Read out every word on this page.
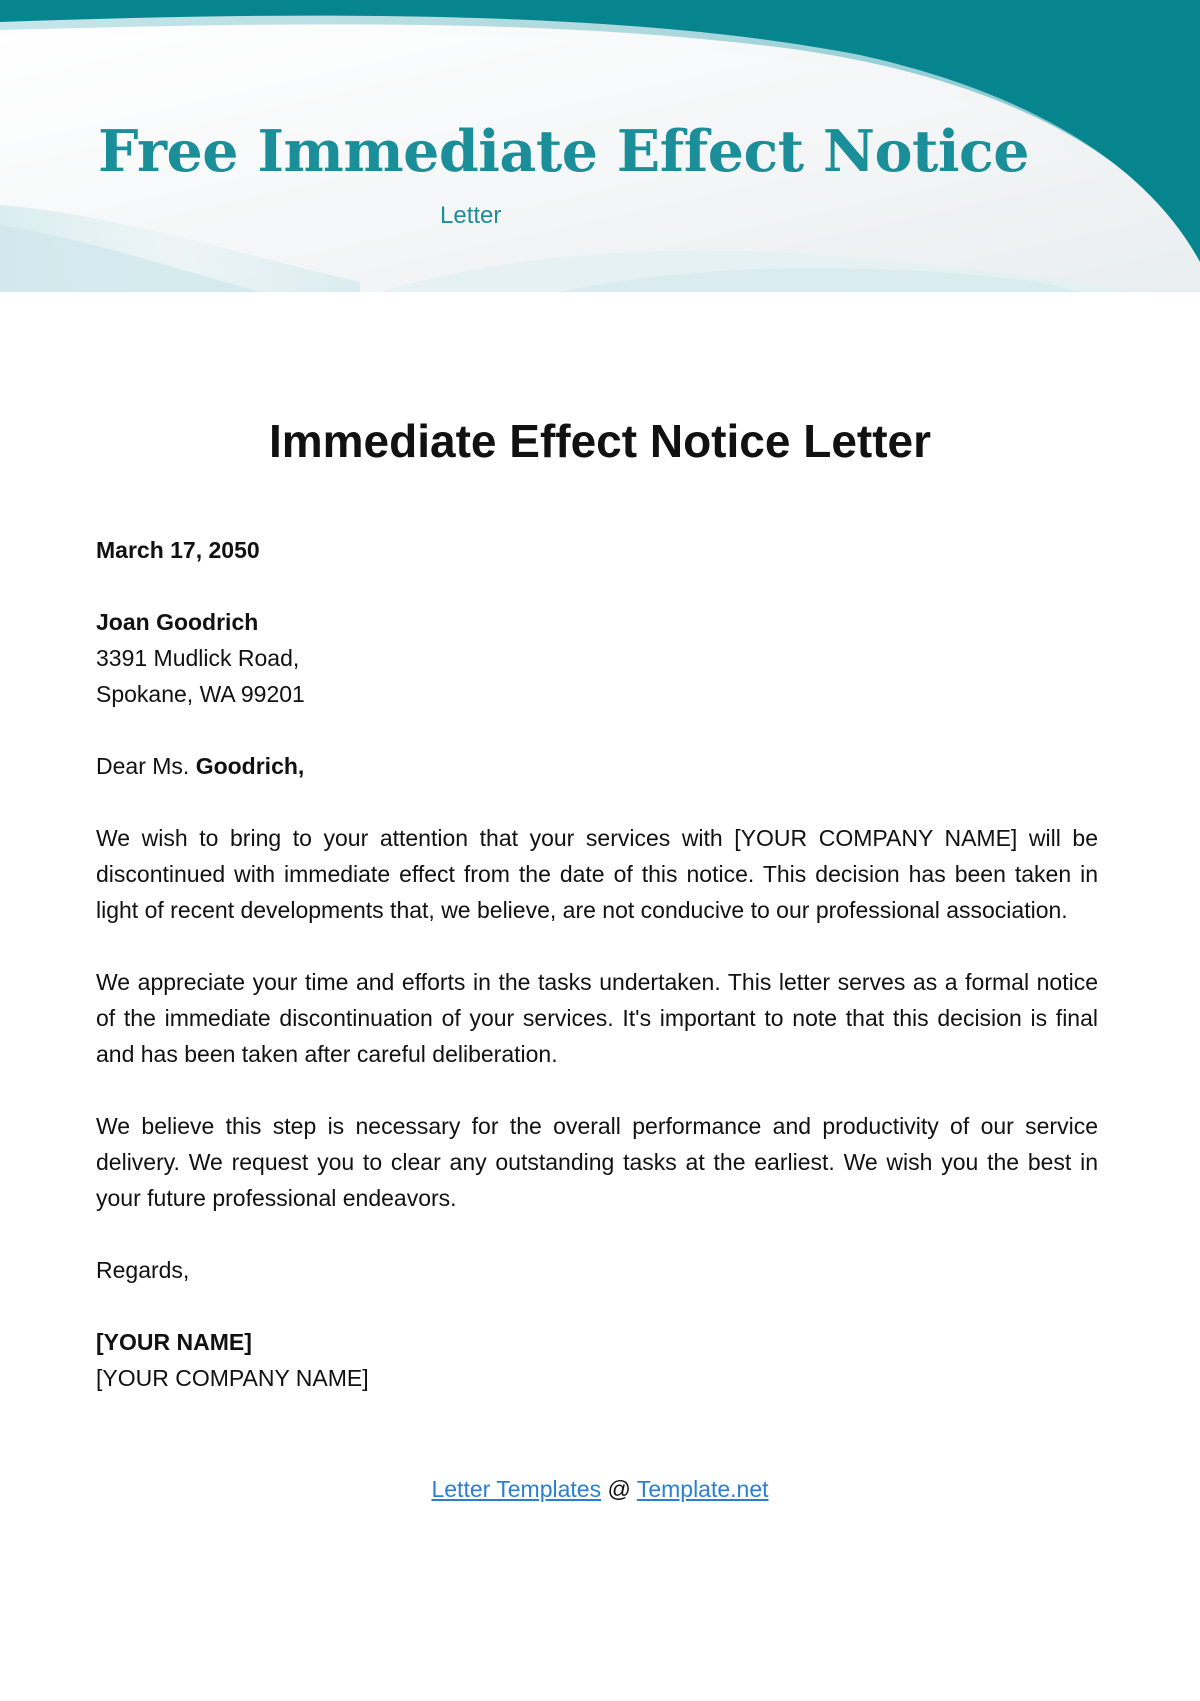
Free Immediate Effect Notice
Letter
Immediate Effect Notice Letter

March 17, 2050

Joan Goodrich
3391 Mudlick Road,
Spokane, WA 99201

Dear Ms. Goodrich,

We wish to bring to your attention that your services with [YOUR COMPANY NAME] will be discontinued with immediate effect from the date of this notice. This decision has been taken in light of recent developments that, we believe, are not conducive to our professional association.

We appreciate your time and efforts in the tasks undertaken. This letter serves as a formal notice of the immediate discontinuation of your services. It's important to note that this decision is final and has been taken after careful deliberation.

We believe this step is necessary for the overall performance and productivity of our service delivery. We request you to clear any outstanding tasks at the earliest. We wish you the best in your future professional endeavors.

Regards,

[YOUR NAME]
[YOUR COMPANY NAME]

Letter Templates @ Template.net
